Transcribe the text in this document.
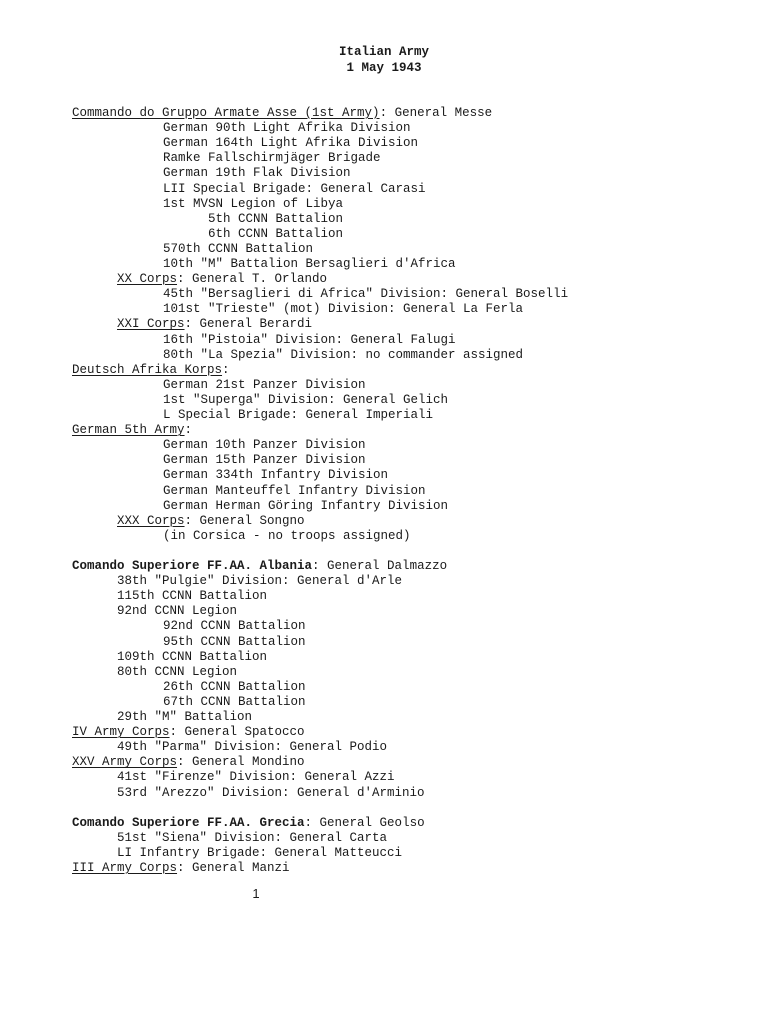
Italian Army
1 May 1943
Commando do Gruppo Armate Asse (1st Army): General Messe
German 90th Light Afrika Division
German 164th Light Afrika Division
Ramke Fallschirmjäger Brigade
German 19th Flak Division
LII Special Brigade: General Carasi
1st MVSN Legion of Libya
5th CCNN Battalion
6th CCNN Battalion
570th CCNN Battalion
10th "M" Battalion Bersaglieri d'Africa
XX Corps: General T. Orlando
45th "Bersaglieri di Africa" Division: General Boselli
101st "Trieste" (mot) Division: General La Ferla
XXI Corps: General Berardi
16th "Pistoia" Division: General Falugi
80th "La Spezia" Division: no commander assigned
Deutsch Afrika Korps:
German 21st Panzer Division
1st "Superga" Division: General Gelich
L Special Brigade: General Imperiali
German 5th Army:
German 10th Panzer Division
German 15th Panzer Division
German 334th Infantry Division
German Manteuffel Infantry Division
German Herman Göring Infantry Division
XXX Corps: General Songno
(in Corsica - no troops assigned)
Comando Superiore FF.AA. Albania: General Dalmazzo
38th "Pulgie" Division: General d'Arle
115th CCNN Battalion
92nd CCNN Legion
92nd CCNN Battalion
95th CCNN Battalion
109th CCNN Battalion
80th CCNN Legion
26th CCNN Battalion
67th CCNN Battalion
29th "M" Battalion
IV Army Corps: General Spatocco
49th "Parma" Division: General Podio
XXV Army Corps: General Mondino
41st "Firenze" Division: General Azzi
53rd "Arezzo" Division: General d'Arminio
Comando Superiore FF.AA. Grecia: General Geolso
51st "Siena" Division: General Carta
LI Infantry Brigade: General Matteucci
III Army Corps: General Manzi
1
